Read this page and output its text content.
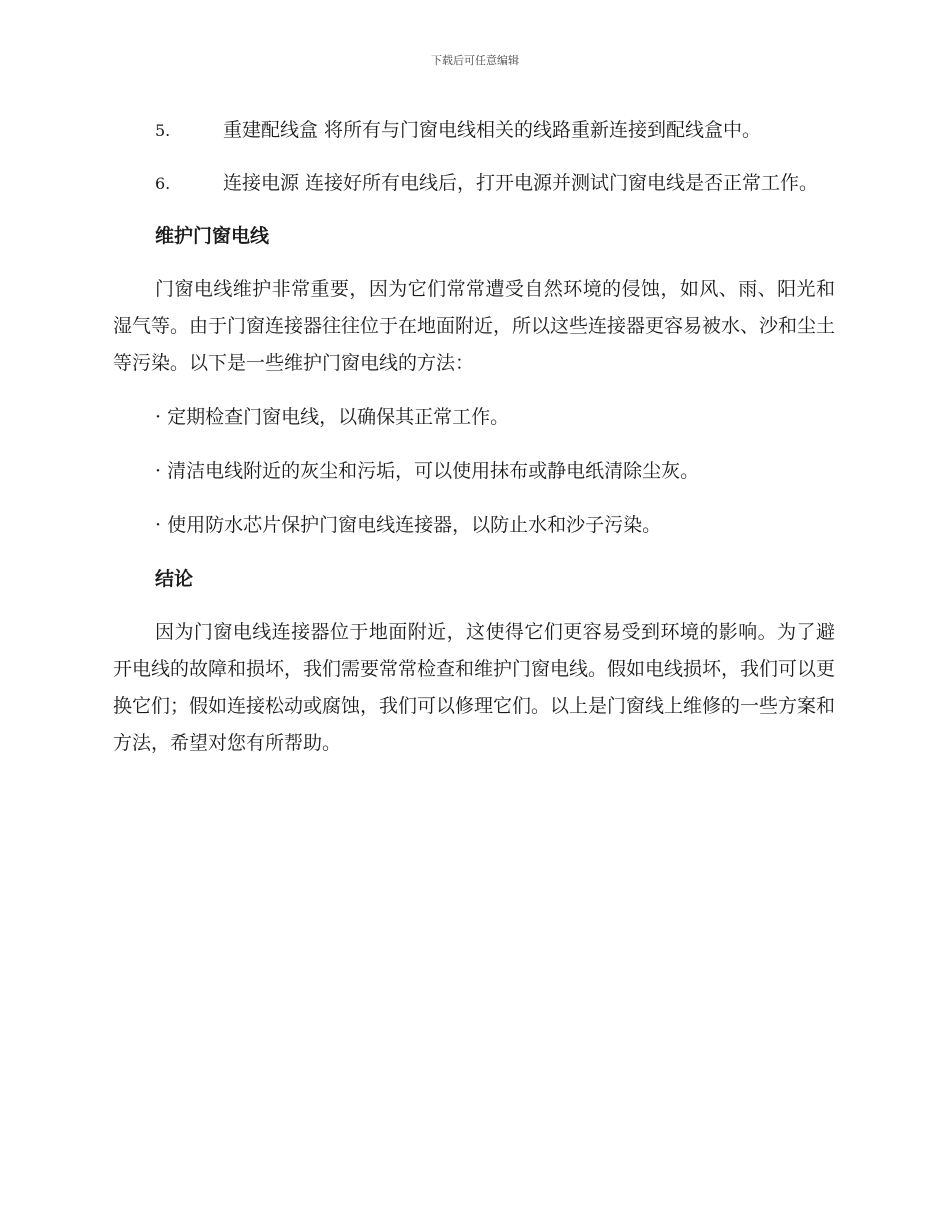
下载后可任意编辑
5.	重建配线盒 将所有与门窗电线相关的线路重新连接到配线盒中。
6.	连接电源 连接好所有电线后，打开电源并测试门窗电线是否正常工作。
维护门窗电线
门窗电线维护非常重要，因为它们常常遭受自然环境的侵蚀，如风、雨、阳光和湿气等。由于门窗连接器往往位于在地面附近，所以这些连接器更容易被水、沙和尘土等污染。以下是一些维护门窗电线的方法：
· 定期检查门窗电线，以确保其正常工作。
· 清洁电线附近的灰尘和污垢，可以使用抹布或静电纸清除尘灰。
· 使用防水芯片保护门窗电线连接器，以防止水和沙子污染。
结论
因为门窗电线连接器位于地面附近，这使得它们更容易受到环境的影响。为了避开电线的故障和损坏，我们需要常常检查和维护门窗电线。假如电线损坏，我们可以更换它们；假如连接松动或腐蚀，我们可以修理它们。以上是门窗线上维修的一些方案和方法，希望对您有所帮助。
